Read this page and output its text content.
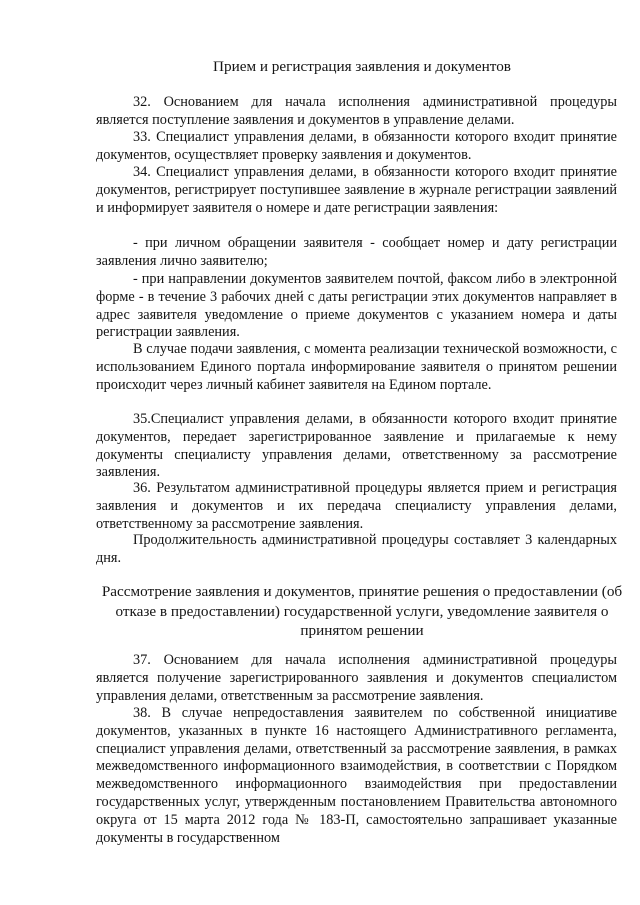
Прием и регистрация заявления и документов
32. Основанием для начала исполнения административной процедуры является поступление заявления и документов в управление делами.
33. Специалист управления делами, в обязанности которого входит принятие документов, осуществляет проверку заявления и документов.
34. Специалист управления делами, в обязанности которого входит принятие документов, регистрирует поступившее заявление в журнале регистрации заявлений и информирует заявителя о номере и дате регистрации заявления:
- при личном обращении заявителя - сообщает номер и дату регистрации заявления лично заявителю;
- при направлении документов заявителем почтой, факсом либо в электронной форме - в течение 3 рабочих дней с даты регистрации этих документов направляет в адрес заявителя уведомление о приеме документов с указанием номера и даты регистрации заявления.
В случае подачи заявления, с момента реализации технической возможности, с использованием Единого портала информирование заявителя о принятом решении происходит через личный кабинет заявителя на Едином портале.
35.Специалист управления делами, в обязанности которого входит принятие документов, передает зарегистрированное заявление и прилагаемые к нему документы специалисту управления делами, ответственному за рассмотрение заявления.
36. Результатом административной процедуры является прием и регистрация заявления и документов и их передача специалисту управления делами, ответственному за рассмотрение заявления.
Продолжительность административной процедуры составляет 3 календарных дня.
Рассмотрение заявления и документов, принятие решения о предоставлении (об отказе в предоставлении) государственной услуги, уведомление заявителя о принятом решении
37. Основанием для начала исполнения административной процедуры является получение зарегистрированного заявления и документов специалистом управления делами, ответственным за рассмотрение заявления.
38. В случае непредоставления заявителем по собственной инициативе документов, указанных в пункте 16 настоящего Административного регламента, специалист управления делами, ответственный за рассмотрение заявления, в рамках межведомственного информационного взаимодействия, в соответствии с Порядком межведомственного информационного взаимодействия при предоставлении государственных услуг, утвержденным постановлением Правительства автономного округа от 15 марта 2012 года № 183-П, самостоятельно запрашивает указанные документы в государственном
